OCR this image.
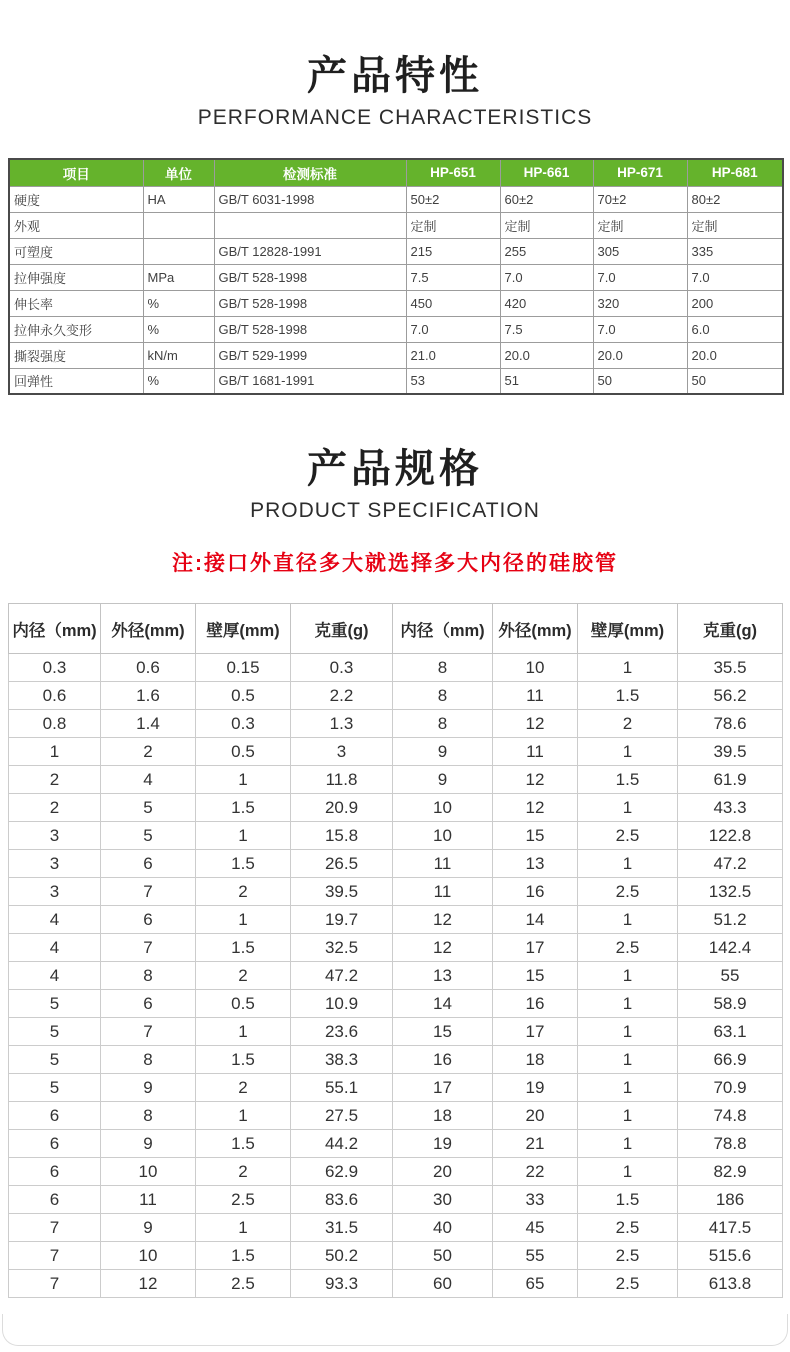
产品特性
PERFORMANCE CHARACTERISTICS
项目	单位	检测标准	HP-651	HP-661	HP-671	HP-681
硬度	HA	GB/T 6031-1998	50±2	60±2	70±2	80±2
外观			定制	定制	定制	定制
可塑度		GB/T 12828-1991	215	255	305	335
拉伸强度	MPa	GB/T 528-1998	7.5	7.0	7.0	7.0
伸长率	%	GB/T 528-1998	450	420	320	200
拉伸永久变形	%	GB/T 528-1998	7.0	7.5	7.0	6.0
撕裂强度	kN/m	GB/T 529-1999	21.0	20.0	20.0	20.0
回弹性	%	GB/T 1681-1991	53	51	50	50
产品规格
PRODUCT SPECIFICATION
注:接口外直径多大就选择多大内径的硅胶管
内径（mm)	外径(mm)	壁厚(mm)	克重(g)	内径（mm)	外径(mm)	壁厚(mm)	克重(g)
0.3	0.6	0.15	0.3	8	10	1	35.5
0.6	1.6	0.5	2.2	8	11	1.5	56.2
0.8	1.4	0.3	1.3	8	12	2	78.6
1	2	0.5	3	9	11	1	39.5
2	4	1	11.8	9	12	1.5	61.9
2	5	1.5	20.9	10	12	1	43.3
3	5	1	15.8	10	15	2.5	122.8
3	6	1.5	26.5	11	13	1	47.2
3	7	2	39.5	11	16	2.5	132.5
4	6	1	19.7	12	14	1	51.2
4	7	1.5	32.5	12	17	2.5	142.4
4	8	2	47.2	13	15	1	55
5	6	0.5	10.9	14	16	1	58.9
5	7	1	23.6	15	17	1	63.1
5	8	1.5	38.3	16	18	1	66.9
5	9	2	55.1	17	19	1	70.9
6	8	1	27.5	18	20	1	74.8
6	9	1.5	44.2	19	21	1	78.8
6	10	2	62.9	20	22	1	82.9
6	11	2.5	83.6	30	33	1.5	186
7	9	1	31.5	40	45	2.5	417.5
7	10	1.5	50.2	50	55	2.5	515.6
7	12	2.5	93.3	60	65	2.5	613.8
